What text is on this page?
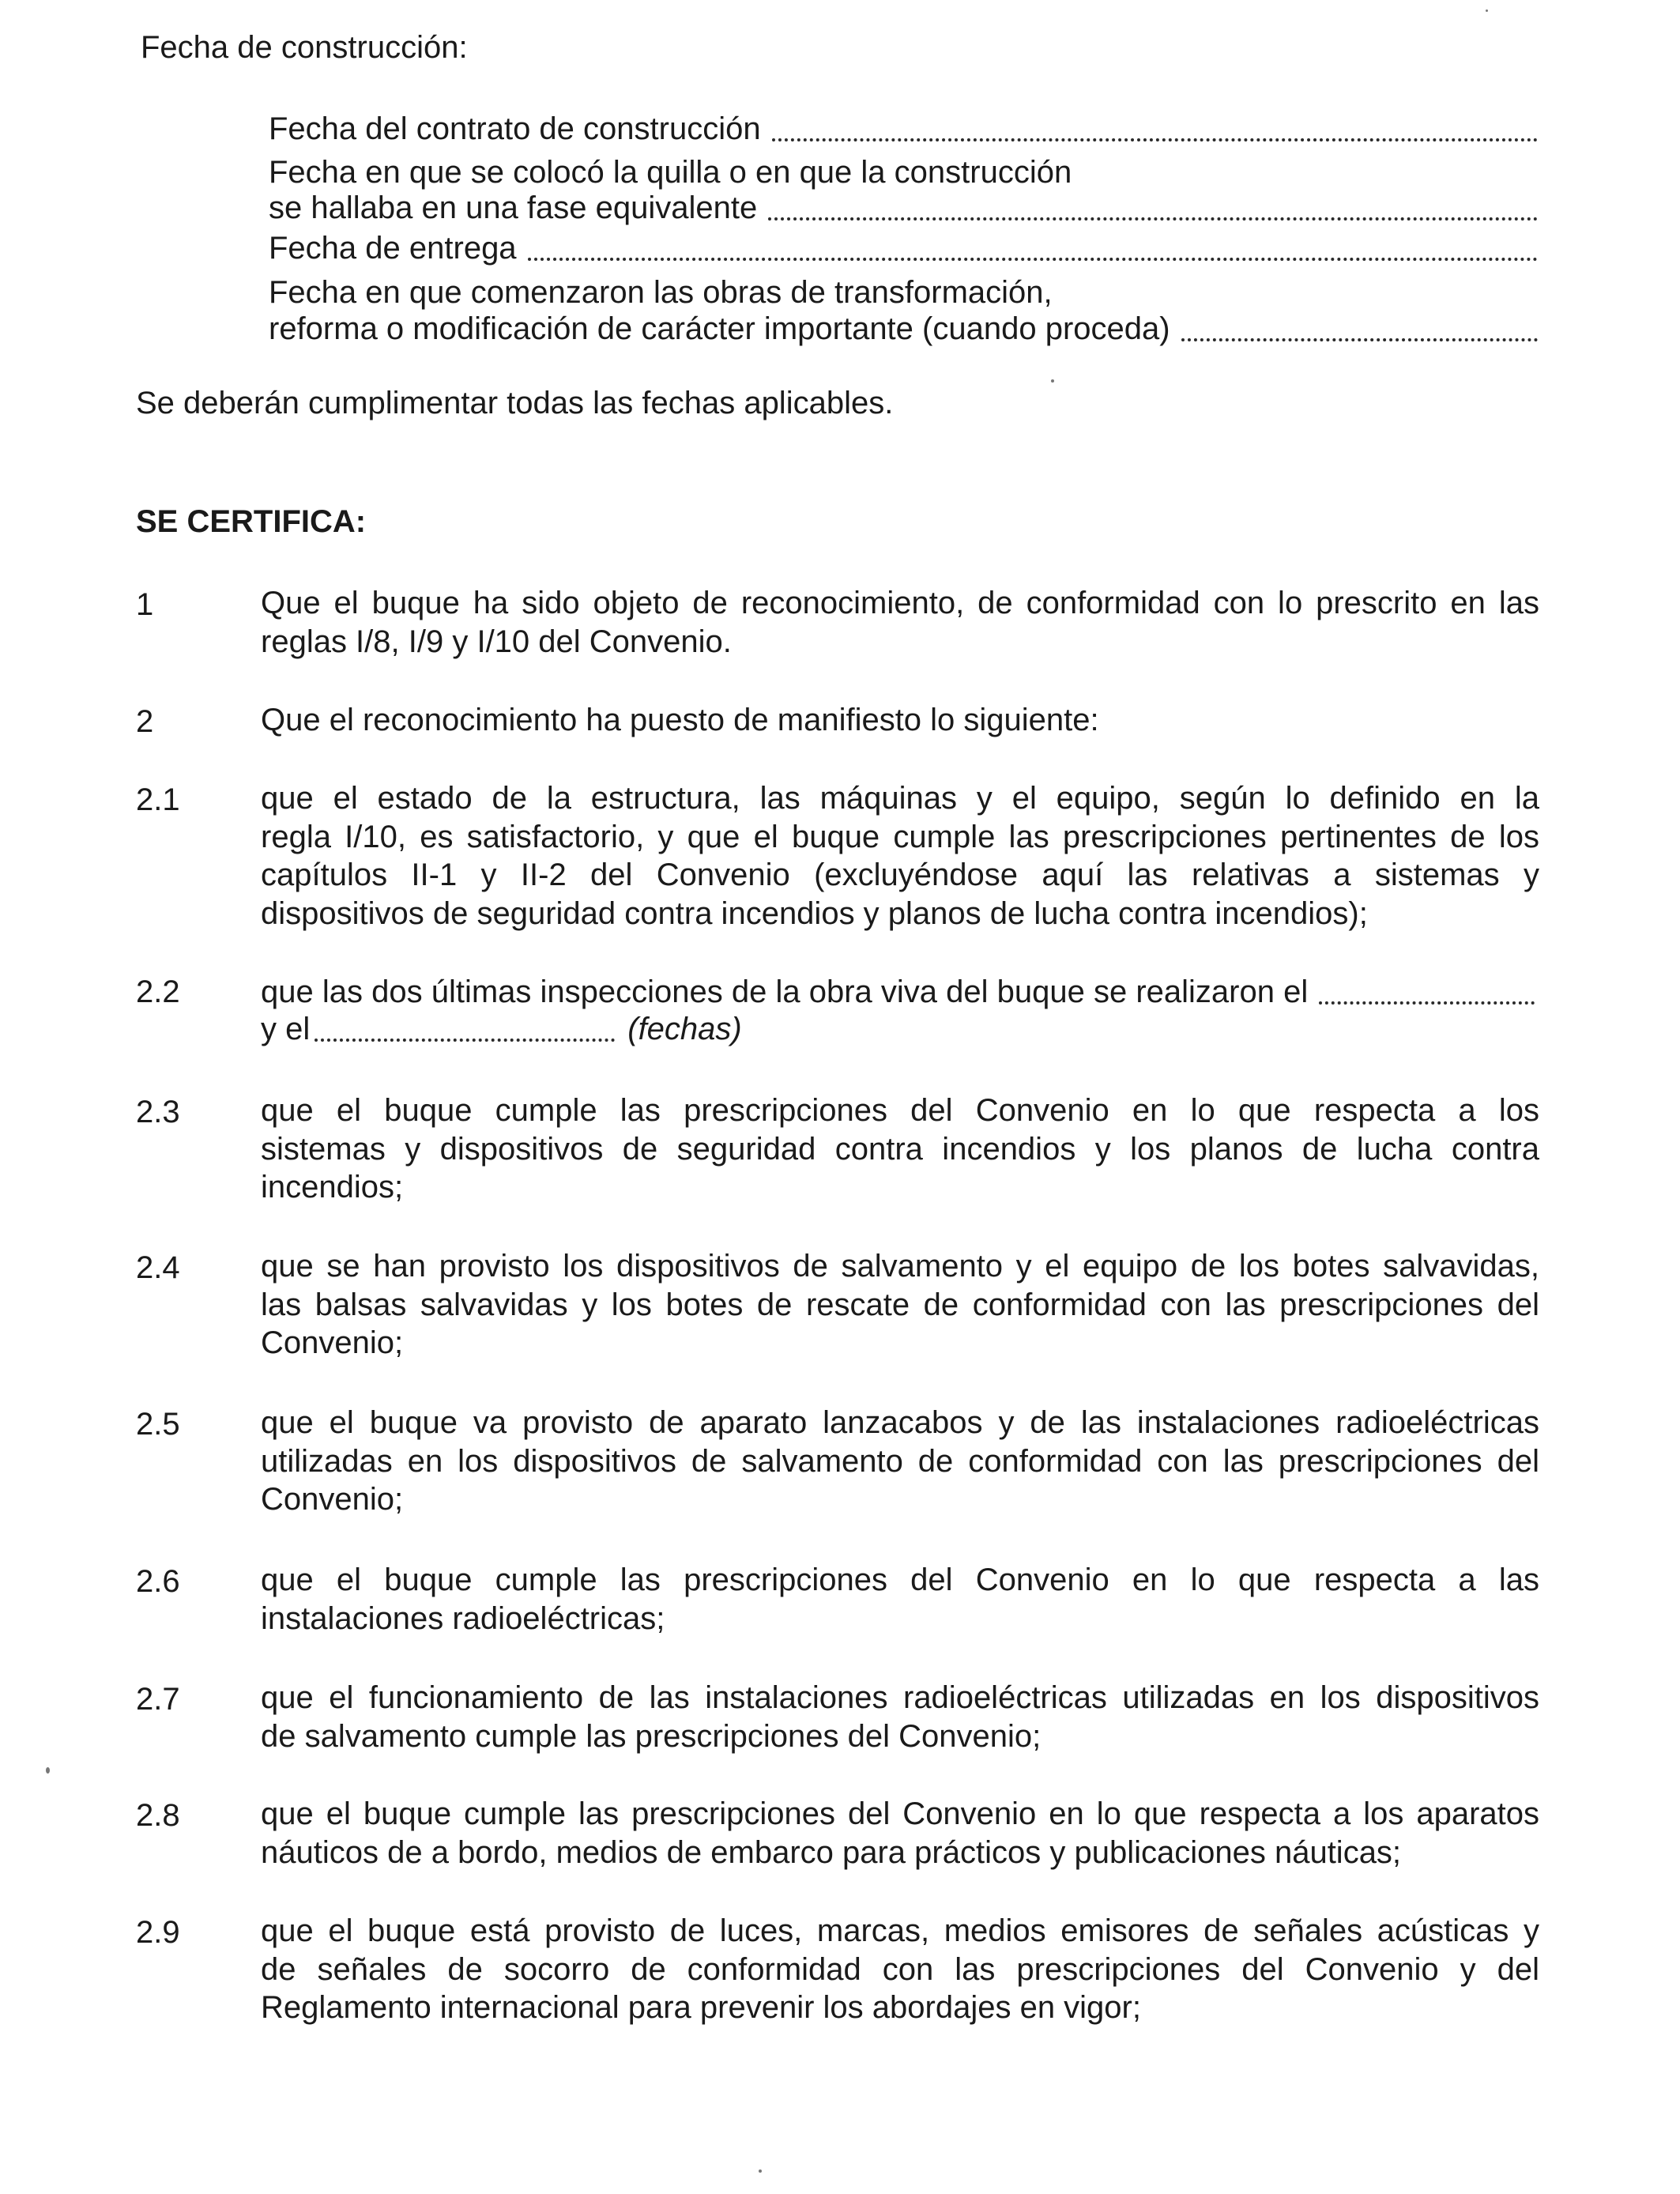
Fecha de construcción:
Fecha del contrato de construcción
Fecha en que se colocó la quilla o en que la construcción
se hallaba en una fase equivalente
Fecha de entrega
Fecha en que comenzaron las obras de transformación,
reforma o modificación de carácter importante (cuando proceda)
Se deberán cumplimentar todas las fechas aplicables.
SE CERTIFICA:
1	Que el buque ha sido objeto de reconocimiento, de conformidad con lo prescrito en las
reglas I/8, I/9 y I/10 del Convenio.
2	Que el reconocimiento ha puesto de manifiesto lo siguiente:
2.1	que el estado de la estructura, las máquinas y el equipo, según lo definido en la
regla I/10, es satisfactorio, y que el buque cumple las prescripciones pertinentes de los
capítulos II-1 y II-2 del Convenio (excluyéndose aquí las relativas a sistemas y
dispositivos de seguridad contra incendios y planos de lucha contra incendios);
2.2	que las dos últimas inspecciones de la obra viva del buque se realizaron el
y el	(fechas)
2.3	que el buque cumple las prescripciones del Convenio en lo que respecta a los
sistemas y dispositivos de seguridad contra incendios y los planos de lucha contra
incendios;
2.4	que se han provisto los dispositivos de salvamento y el equipo de los botes salvavidas,
las balsas salvavidas y los botes de rescate de conformidad con las prescripciones del
Convenio;
2.5	que el buque va provisto de aparato lanzacabos y de las instalaciones radioeléctricas
utilizadas en los dispositivos de salvamento de conformidad con las prescripciones del
Convenio;
2.6	que el buque cumple las prescripciones del Convenio en lo que respecta a las
instalaciones radioeléctricas;
2.7	que el funcionamiento de las instalaciones radioeléctricas utilizadas en los dispositivos
de salvamento cumple las prescripciones del Convenio;
2.8	que el buque cumple las prescripciones del Convenio en lo que respecta a los aparatos
náuticos de a bordo, medios de embarco para prácticos y publicaciones náuticas;
2.9	que el buque está provisto de luces, marcas, medios emisores de señales acústicas y
de señales de socorro de conformidad con las prescripciones del Convenio y del
Reglamento internacional para prevenir los abordajes en vigor;
